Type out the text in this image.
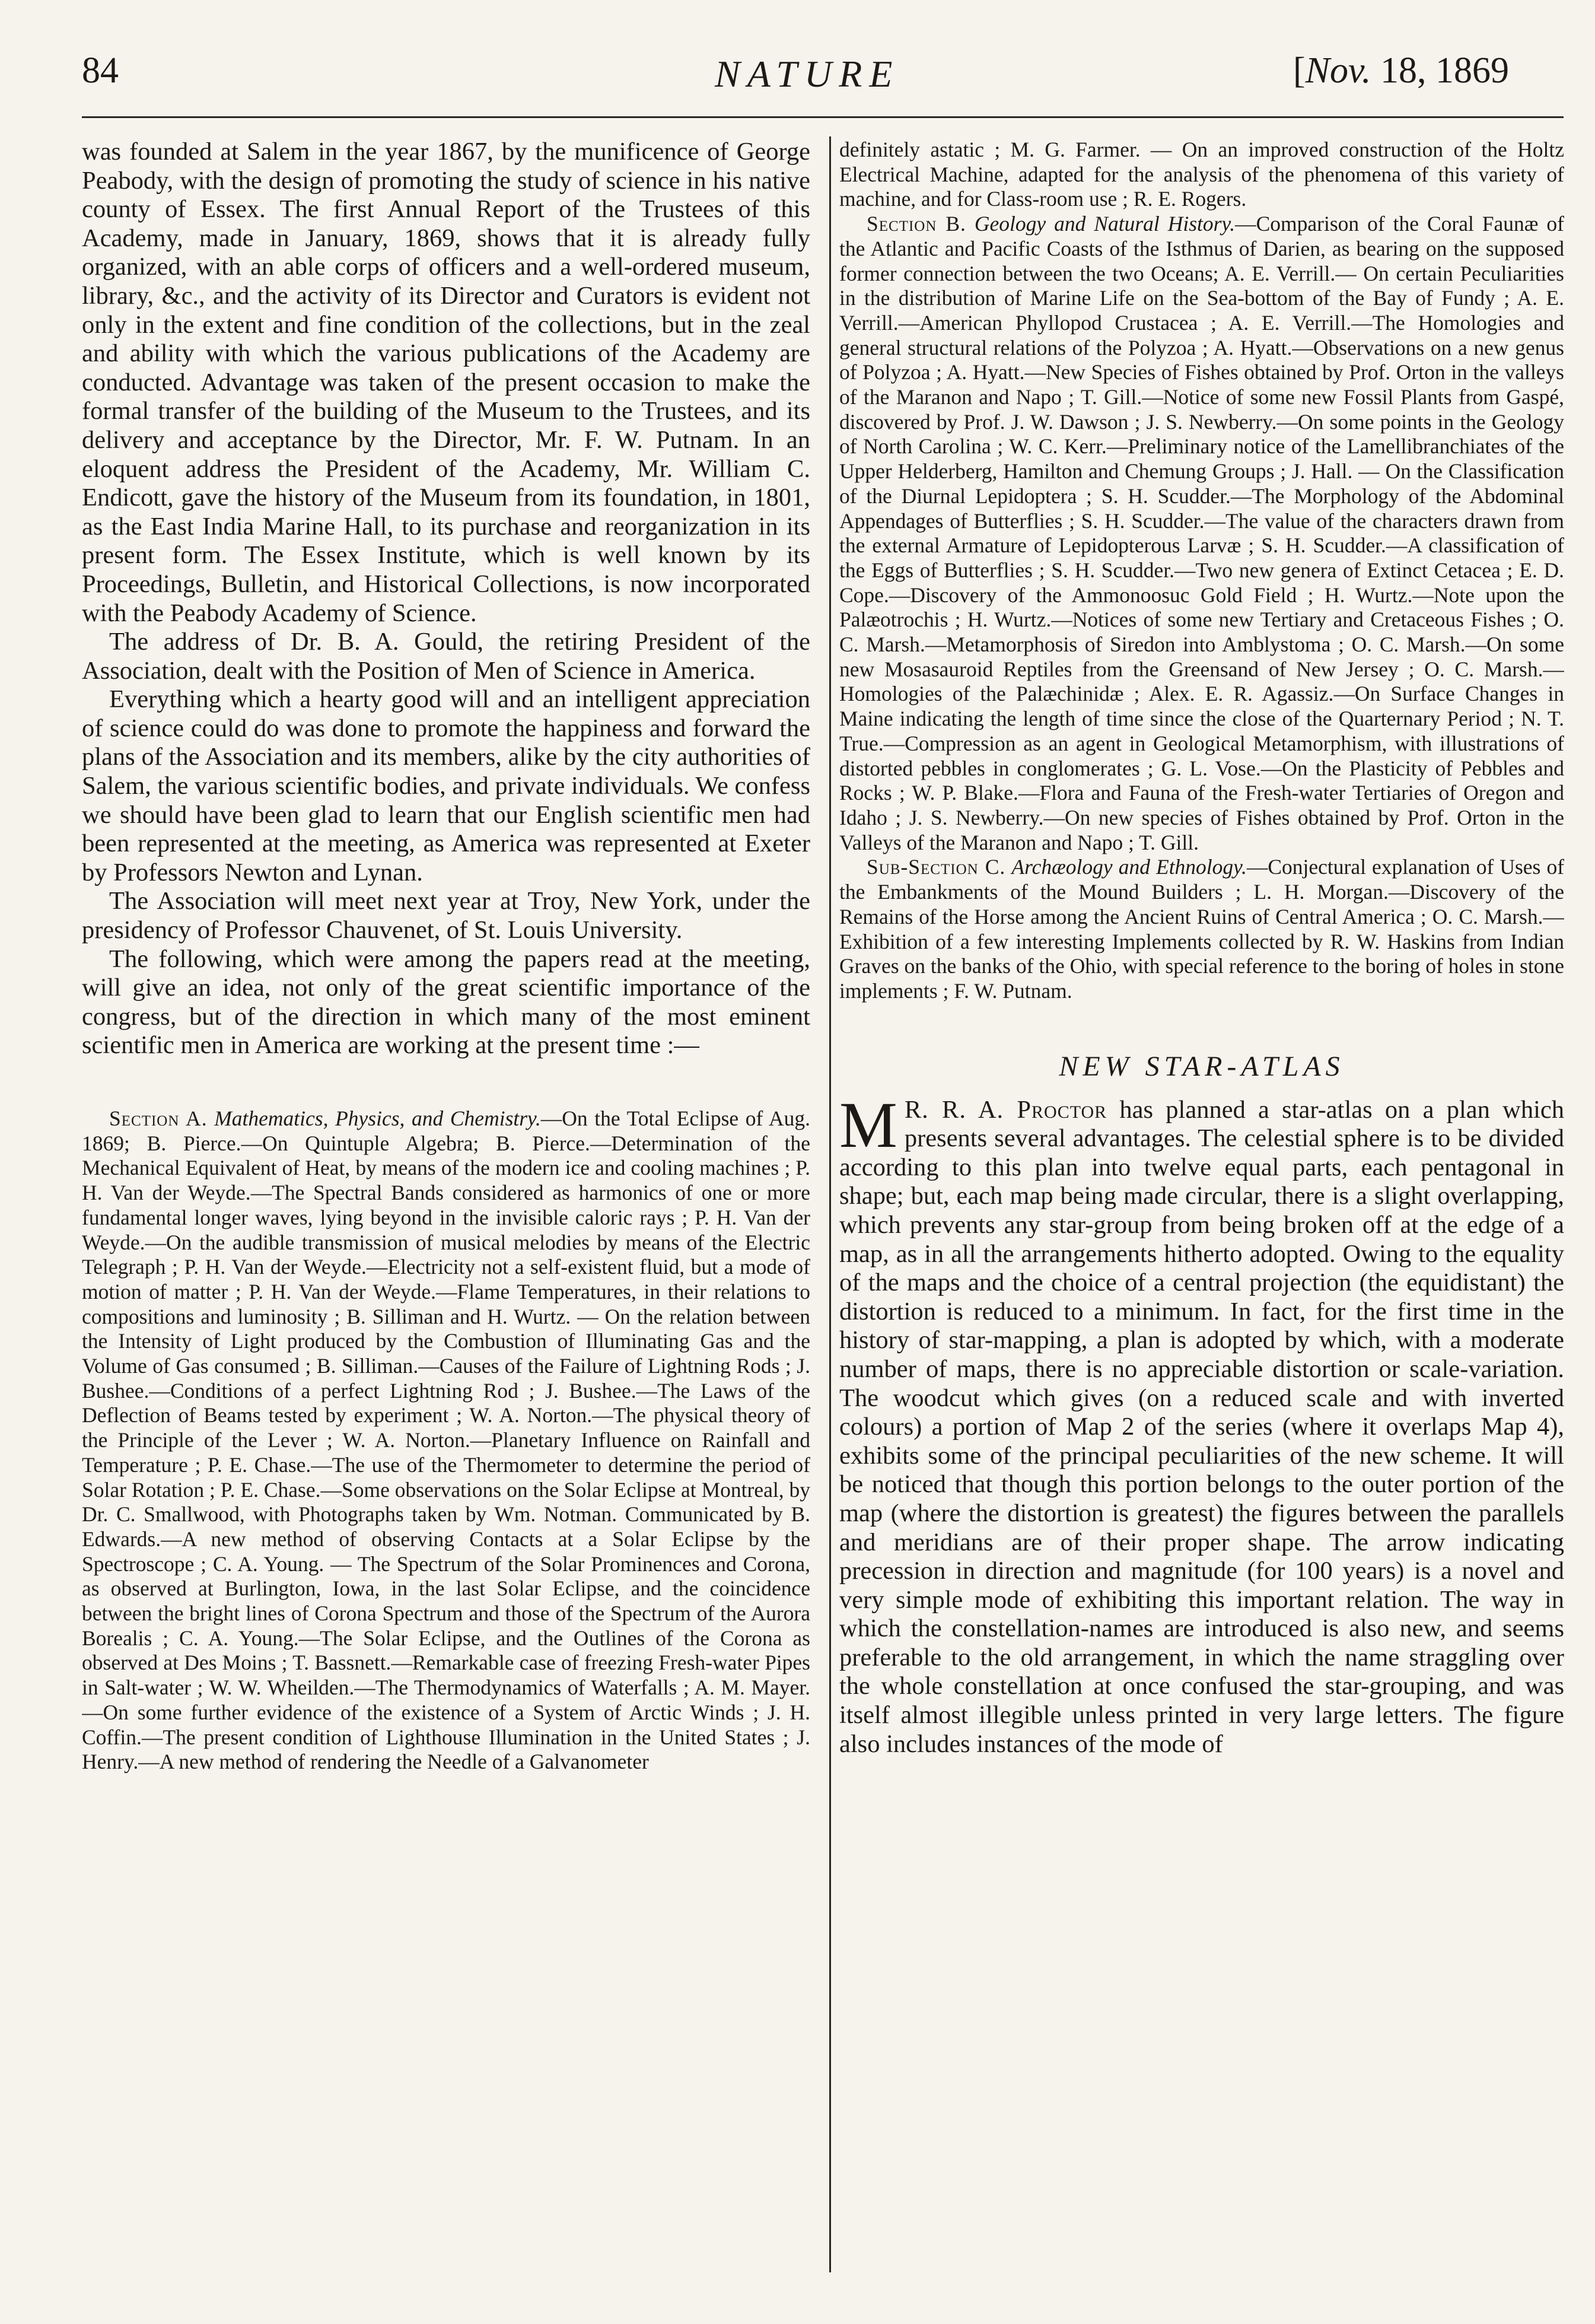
84	NATURE	[Nov. 18, 1869

was founded at Salem in the year 1867, by the munificence of George Peabody, with the design of promoting the study of science in his native county of Essex. The first Annual Report of the Trustees of this Academy, made in January, 1869, shows that it is already fully organized, with an able corps of officers and a well-ordered museum, library, &c., and the activity of its Director and Curators is evident not only in the extent and fine condition of the collections, but in the zeal and ability with which the various publications of the Academy are conducted. Advantage was taken of the present occasion to make the formal transfer of the building of the Museum to the Trustees, and its delivery and acceptance by the Director, Mr. F. W. Putnam. In an eloquent address the President of the Academy, Mr. William C. Endicott, gave the history of the Museum from its foundation, in 1801, as the East India Marine Hall, to its purchase and reorganization in its present form. The Essex Institute, which is well known by its Proceedings, Bulletin, and Historical Collections, is now incorporated with the Peabody Academy of Science.

The address of Dr. B. A. Gould, the retiring President of the Association, dealt with the Position of Men of Science in America.

Everything which a hearty good will and an intelligent appreciation of science could do was done to promote the happiness and forward the plans of the Association and its members, alike by the city authorities of Salem, the various scientific bodies, and private individuals. We confess we should have been glad to learn that our English scientific men had been represented at the meeting, as America was represented at Exeter by Professors Newton and Lynan.

The Association will meet next year at Troy, New York, under the presidency of Professor Chauvenet, of St. Louis University.

The following, which were among the papers read at the meeting, will give an idea, not only of the great scientific importance of the congress, but of the direction in which many of the most eminent scientific men in America are working at the present time :—

Section A. Mathematics, Physics, and Chemistry.—On the Total Eclipse of Aug. 1869; B. Pierce.—On Quintuple Algebra; B. Pierce.—Determination of the Mechanical Equivalent of Heat, by means of the modern ice and cooling machines ; P. H. Van der Weyde.—The Spectral Bands considered as harmonics of one or more fundamental longer waves, lying beyond in the invisible caloric rays ; P. H. Van der Weyde.—On the audible transmission of musical melodies by means of the Electric Telegraph ; P. H. Van der Weyde.—Electricity not a self-existent fluid, but a mode of motion of matter ; P. H. Van der Weyde.—Flame Temperatures, in their relations to compositions and luminosity ; B. Silliman and H. Wurtz. — On the relation between the Intensity of Light produced by the Combustion of Illuminating Gas and the Volume of Gas consumed ; B. Silliman.—Causes of the Failure of Lightning Rods ; J. Bushee.—Conditions of a perfect Lightning Rod ; J. Bushee.—The Laws of the Deflection of Beams tested by experiment ; W. A. Norton.—The physical theory of the Principle of the Lever ; W. A. Norton.—Planetary Influence on Rainfall and Temperature ; P. E. Chase.—The use of the Thermometer to determine the period of Solar Rotation ; P. E. Chase.—Some observations on the Solar Eclipse at Montreal, by Dr. C. Smallwood, with Photographs taken by Wm. Notman. Communicated by B. Edwards.—A new method of observing Contacts at a Solar Eclipse by the Spectroscope ; C. A. Young. — The Spectrum of the Solar Prominences and Corona, as observed at Burlington, Iowa, in the last Solar Eclipse, and the coincidence between the bright lines of Corona Spectrum and those of the Spectrum of the Aurora Borealis ; C. A. Young.—The Solar Eclipse, and the Outlines of the Corona as observed at Des Moins ; T. Bassnett.—Remarkable case of freezing Fresh-water Pipes in Salt-water ; W. W. Wheilden.—The Thermodynamics of Waterfalls ; A. M. Mayer.—On some further evidence of the existence of a System of Arctic Winds ; J. H. Coffin.—The present condition of Lighthouse Illumination in the United States ; J. Henry.—A new method of rendering the Needle of a Galvanometer

definitely astatic ; M. G. Farmer. — On an improved construction of the Holtz Electrical Machine, adapted for the analysis of the phenomena of this variety of machine, and for Class-room use ; R. E. Rogers.

Section B. Geology and Natural History.—Comparison of the Coral Faunæ of the Atlantic and Pacific Coasts of the Isthmus of Darien, as bearing on the supposed former connection between the two Oceans; A. E. Verrill.— On certain Peculiarities in the distribution of Marine Life on the Sea-bottom of the Bay of Fundy ; A. E. Verrill.—American Phyllopod Crustacea ; A. E. Verrill.—The Homologies and general structural relations of the Polyzoa ; A. Hyatt.—Observations on a new genus of Polyzoa ; A. Hyatt.—New Species of Fishes obtained by Prof. Orton in the valleys of the Maranon and Napo ; T. Gill.—Notice of some new Fossil Plants from Gaspé, discovered by Prof. J. W. Dawson ; J. S. Newberry.—On some points in the Geology of North Carolina ; W. C. Kerr.—Preliminary notice of the Lamellibranchiates of the Upper Helderberg, Hamilton and Chemung Groups ; J. Hall. — On the Classification of the Diurnal Lepidoptera ; S. H. Scudder.—The Morphology of the Abdominal Appendages of Butterflies ; S. H. Scudder.—The value of the characters drawn from the external Armature of Lepidopterous Larvæ ; S. H. Scudder.—A classification of the Eggs of Butterflies ; S. H. Scudder.—Two new genera of Extinct Cetacea ; E. D. Cope.—Discovery of the Ammonoosuc Gold Field ; H. Wurtz.—Note upon the Palæotrochis ; H. Wurtz.—Notices of some new Tertiary and Cretaceous Fishes ; O. C. Marsh.—Metamorphosis of Siredon into Amblystoma ; O. C. Marsh.—On some new Mosasauroid Reptiles from the Greensand of New Jersey ; O. C. Marsh.—Homologies of the Palæchinidæ ; Alex. E. R. Agassiz.—On Surface Changes in Maine indicating the length of time since the close of the Quarternary Period ; N. T. True.—Compression as an agent in Geological Metamorphism, with illustrations of distorted pebbles in conglomerates ; G. L. Vose.—On the Plasticity of Pebbles and Rocks ; W. P. Blake.—Flora and Fauna of the Fresh-water Tertiaries of Oregon and Idaho ; J. S. Newberry.—On new species of Fishes obtained by Prof. Orton in the Valleys of the Maranon and Napo ; T. Gill.

Sub-Section C. Archæology and Ethnology.—Conjectural explanation of Uses of the Embankments of the Mound Builders ; L. H. Morgan.—Discovery of the Remains of the Horse among the Ancient Ruins of Central America ; O. C. Marsh.—Exhibition of a few interesting Implements collected by R. W. Haskins from Indian Graves on the banks of the Ohio, with special reference to the boring of holes in stone implements ; F. W. Putnam.

NEW STAR-ATLAS

M R. R. A. Proctor has planned a star-atlas on a plan which presents several advantages. The celestial sphere is to be divided according to this plan into twelve equal parts, each pentagonal in shape; but, each map being made circular, there is a slight overlapping, which prevents any star-group from being broken off at the edge of a map, as in all the arrangements hitherto adopted. Owing to the equality of the maps and the choice of a central projection (the equidistant) the distortion is reduced to a minimum. In fact, for the first time in the history of star-mapping, a plan is adopted by which, with a moderate number of maps, there is no appreciable distortion or scale-variation. The woodcut which gives (on a reduced scale and with inverted colours) a portion of Map 2 of the series (where it overlaps Map 4), exhibits some of the principal peculiarities of the new scheme. It will be noticed that though this portion belongs to the outer portion of the map (where the distortion is greatest) the figures between the parallels and meridians are of their proper shape. The arrow indicating precession in direction and magnitude (for 100 years) is a novel and very simple mode of exhibiting this important relation. The way in which the constellation-names are introduced is also new, and seems preferable to the old arrangement, in which the name straggling over the whole constellation at once confused the star-grouping, and was itself almost illegible unless printed in very large letters. The figure also includes instances of the mode of
